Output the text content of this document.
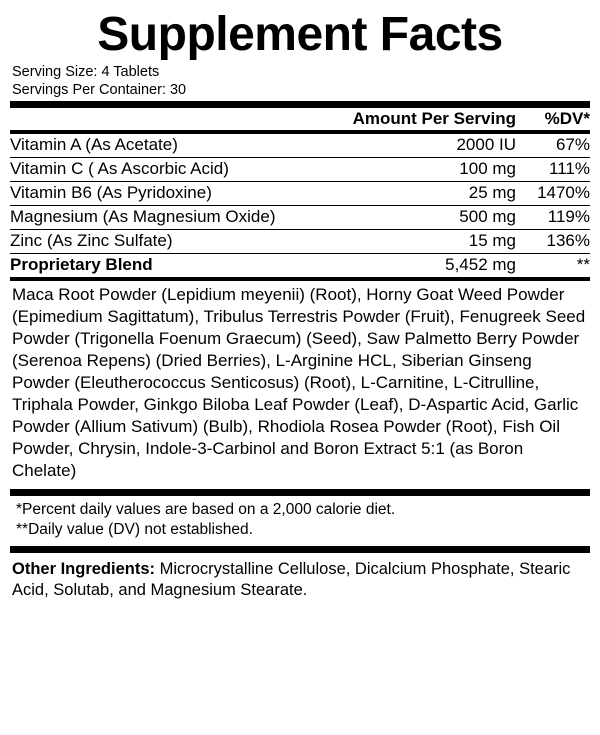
Supplement Facts
Serving Size: 4 Tablets
Servings Per Container: 30
	Amount Per Serving	%DV*
Vitamin A (As Acetate)	2000 IU	67%
Vitamin C ( As Ascorbic Acid)	100 mg	111%
Vitamin B6 (As Pyridoxine)	25 mg	1470%
Magnesium (As Magnesium Oxide)	500 mg	119%
Zinc (As Zinc Sulfate)	15 mg	136%
Proprietary Blend	5,452 mg	**
Maca Root Powder (Lepidium meyenii) (Root), Horny Goat Weed Powder (Epimedium Sagittatum), Tribulus Terrestris Powder (Fruit), Fenugreek Seed Powder (Trigonella Foenum Graecum) (Seed), Saw Palmetto Berry Powder (Serenoa Repens) (Dried Berries), L-Arginine HCL, Siberian Ginseng Powder (Eleutherococcus Senticosus) (Root), L-Carnitine, L-Citrulline, Triphala Powder, Ginkgo Biloba Leaf Powder (Leaf), D-Aspartic Acid, Garlic Powder (Allium Sativum) (Bulb), Rhodiola Rosea Powder (Root), Fish Oil Powder, Chrysin, Indole-3-Carbinol and Boron Extract 5:1 (as Boron Chelate)
*Percent daily values are based on a 2,000 calorie diet.
**Daily value (DV) not established.
Other Ingredients: Microcrystalline Cellulose, Dicalcium Phosphate, Stearic Acid, Solutab, and Magnesium Stearate.
